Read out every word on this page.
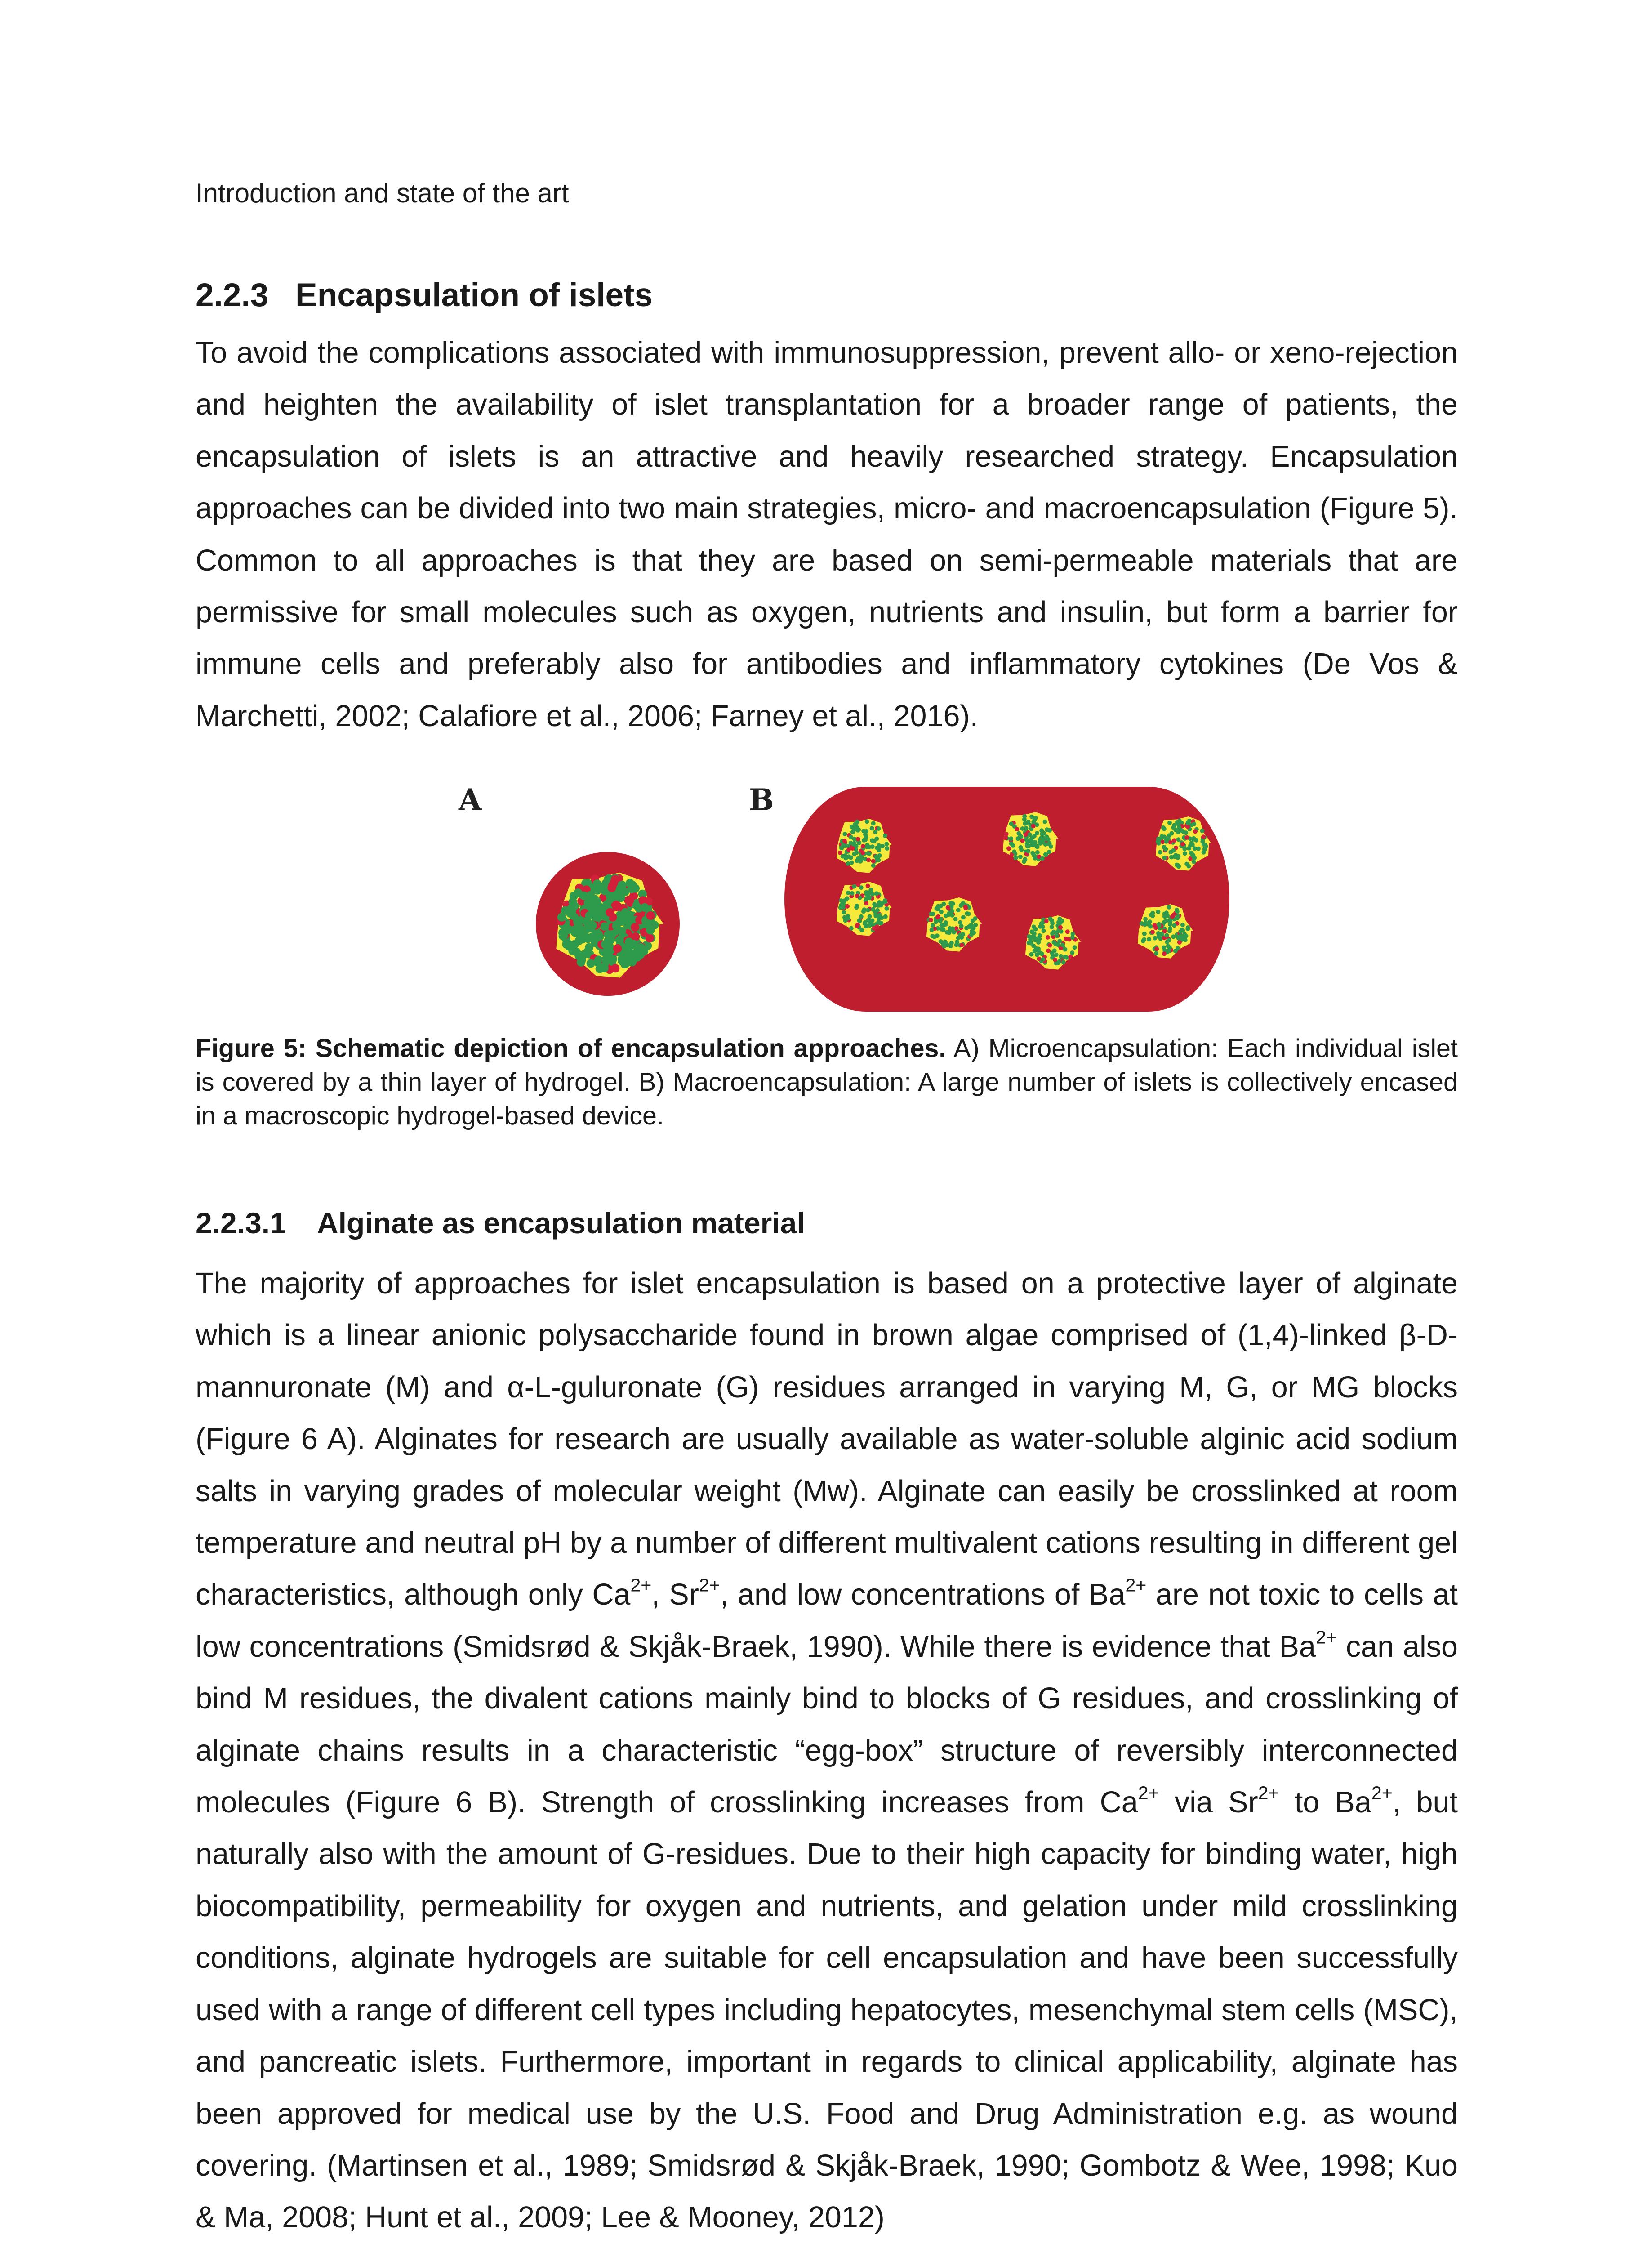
Introduction and state of the art
2.2.3 Encapsulation of islets

To avoid the complications associated with immunosuppression, prevent allo- or xeno-rejection and heighten the availability of islet transplantation for a broader range of patients, the encapsulation of islets is an attractive and heavily researched strategy. Encapsulation approaches can be divided into two main strategies, micro- and macroencapsulation (Figure 5). Common to all approaches is that they are based on semi-permeable materials that are permissive for small molecules such as oxygen, nutrients and insulin, but form a barrier for immune cells and preferably also for antibodies and inflammatory cytokines (De Vos & Marchetti, 2002; Calafiore et al., 2006; Farney et al., 2016).

A	B

Figure 5: Schematic depiction of encapsulation approaches. A) Microencapsulation: Each individual islet is covered by a thin layer of hydrogel. B) Macroencapsulation: A large number of islets is collectively encased in a macroscopic hydrogel-based device.

2.2.3.1 Alginate as encapsulation material

The majority of approaches for islet encapsulation is based on a protective layer of alginate which is a linear anionic polysaccharide found in brown algae comprised of (1,4)-linked β-D-mannuronate (M) and α-L-guluronate (G) residues arranged in varying M, G, or MG blocks (Figure 6 A). Alginates for research are usually available as water-soluble alginic acid sodium salts in varying grades of molecular weight (Mw). Alginate can easily be crosslinked at room temperature and neutral pH by a number of different multivalent cations resulting in different gel characteristics, although only $Ca^{2+}$, $Sr^{2+}$, and low concentrations of $Ba^{2+}$ are not toxic to cells at low concentrations (Smidsrød & Skjåk-Braek, 1990). While there is evidence that $Ba^{2+}$ can also bind M residues, the divalent cations mainly bind to blocks of G residues, and crosslinking of alginate chains results in a characteristic “egg-box” structure of reversibly interconnected molecules (Figure 6 B). Strength of crosslinking increases from $Ca^{2+}$ via $Sr^{2+}$ to $Ba^{2+}$, but naturally also with the amount of G-residues. Due to their high capacity for binding water, high biocompatibility, permeability for oxygen and nutrients, and gelation under mild crosslinking conditions, alginate hydrogels are suitable for cell encapsulation and have been successfully used with a range of different cell types including hepatocytes, mesenchymal stem cells (MSC), and pancreatic islets. Furthermore, important in regards to clinical applicability, alginate has been approved for medical use by the U.S. Food and Drug Administration e.g. as wound covering. (Martinsen et al., 1989; Smidsrød & Skjåk-Braek, 1990; Gombotz & Wee, 1998; Kuo & Ma, 2008; Hunt et al., 2009; Lee & Mooney, 2012)
